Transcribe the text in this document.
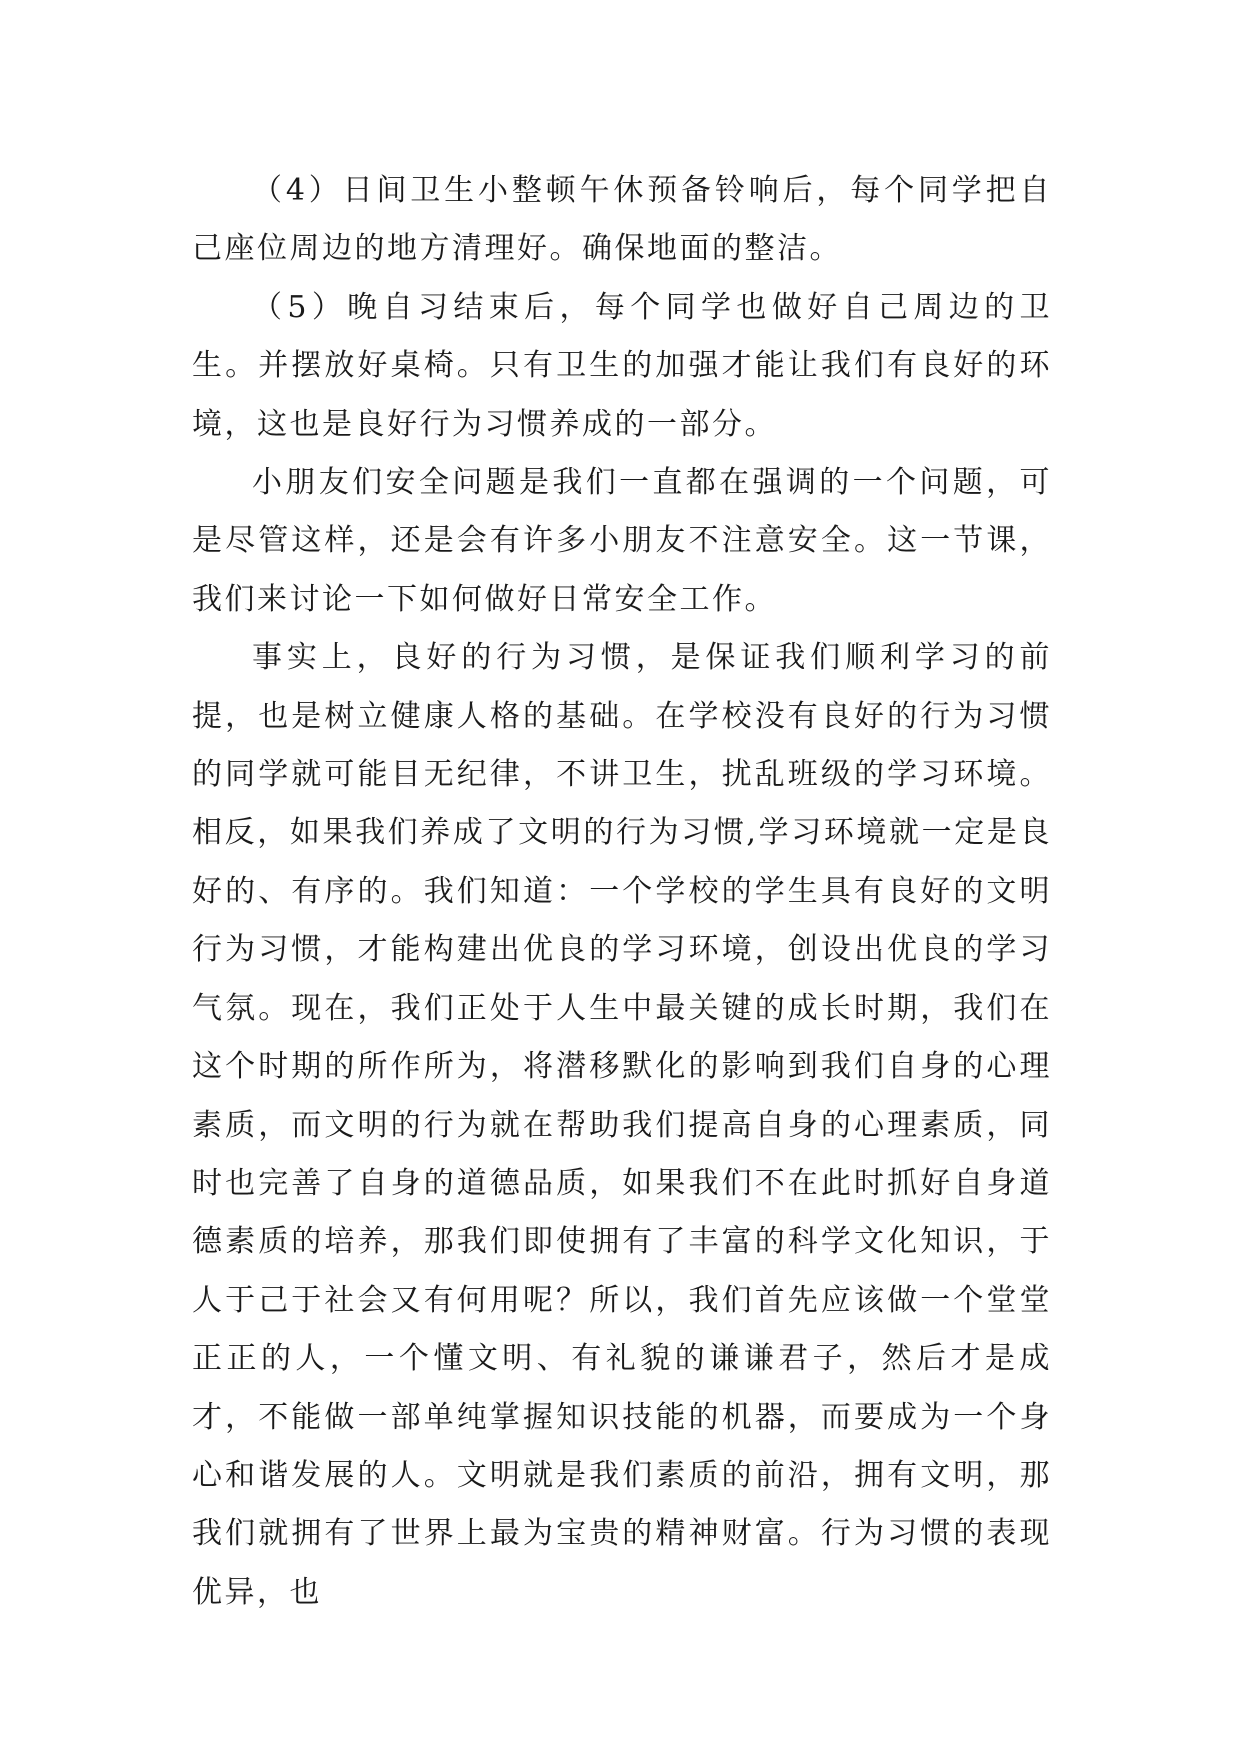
（4）日间卫生小整顿午休预备铃响后，每个同学把自己座位周边的地方清理好。确保地面的整洁。

（5）晚自习结束后，每个同学也做好自己周边的卫生。并摆放好桌椅。只有卫生的加强才能让我们有良好的环境，这也是良好行为习惯养成的一部分。

小朋友们安全问题是我们一直都在强调的一个问题，可是尽管这样，还是会有许多小朋友不注意安全。这一节课，我们来讨论一下如何做好日常安全工作。

事实上，良好的行为习惯，是保证我们顺利学习的前提，也是树立健康人格的基础。在学校没有良好的行为习惯的同学就可能目无纪律，不讲卫生，扰乱班级的学习环境。相反，如果我们养成了文明的行为习惯,学习环境就一定是良好的、有序的。我们知道：一个学校的学生具有良好的文明行为习惯，才能构建出优良的学习环境，创设出优良的学习气氛。现在，我们正处于人生中最关键的成长时期，我们在这个时期的所作所为，将潜移默化的影响到我们自身的心理素质，而文明的行为就在帮助我们提高自身的心理素质，同时也完善了自身的道德品质，如果我们不在此时抓好自身道德素质的培养，那我们即使拥有了丰富的科学文化知识，于人于己于社会又有何用呢？所以，我们首先应该做一个堂堂正正的人，一个懂文明、有礼貌的谦谦君子，然后才是成才，不能做一部单纯掌握知识技能的机器，而要成为一个身心和谐发展的人。文明就是我们素质的前沿，拥有文明，那我们就拥有了世界上最为宝贵的精神财富。行为习惯的表现优异，也
